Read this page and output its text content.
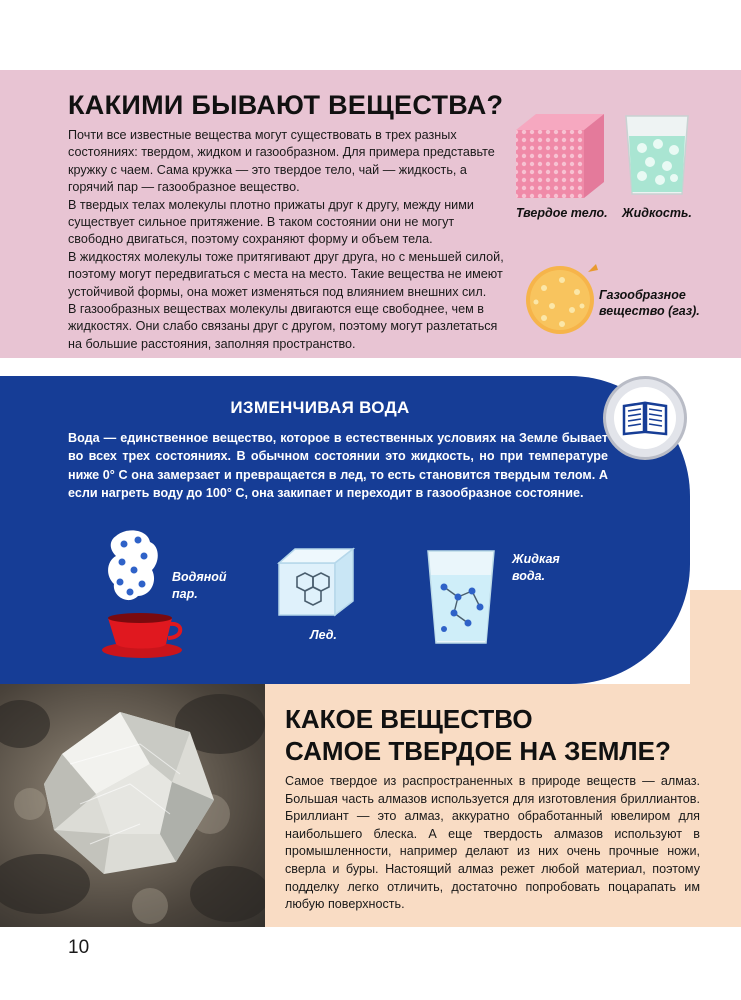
КАКИМИ БЫВАЮТ ВЕЩЕСТВА?

Почти все известные вещества могут существовать в трех разных состояниях: твердом, жидком и газообразном. Для примера представьте кружку с чаем. Сама кружка — это твердое тело, чай — жидкость, а горячий пар — газообразное вещество.

В твердых телах молекулы плотно прижаты друг к другу, между ними существует сильное притяжение. В таком состоянии они не могут свободно двигаться, поэтому сохраняют форму и объем тела.

В жидкостях молекулы тоже притягивают друг друга, но с меньшей силой, поэтому могут передвигаться с места на место. Такие вещества не имеют устойчивой формы, она может изменяться под влиянием внешних сил.

В газообразных веществах молекулы двигаются еще свободнее, чем в жидкостях. Они слабо связаны друг с другом, поэтому могут разлетаться на большие расстояния, заполняя пространство.

Твердое тело. Жидкость.
Газообразное
вещество (газ).
ИЗМЕНЧИВАЯ ВОДА
Вода — единственное вещество, которое в естественных условиях на Земле бывает во всех трех состояниях. В обычном состоянии это жидкость, но при температуре ниже 0° С она замерзает и превращается в лед, то есть становится твердым телом. А если нагреть воду до 100° С, она закипает и переходит в газообразное состояние.
Водяной
пар.
Лед.
Жидкая
вода.
КАКОЕ ВЕЩЕСТВО
САМОЕ ТВЕРДОЕ НА ЗЕМЛЕ?
Самое твердое из распространенных в природе веществ — алмаз. Большая часть алмазов используется для изготовления бриллиантов. Бриллиант — это алмаз, аккуратно обработанный ювелиром для наибольшего блеска. А еще твердость алмазов используют в промышленности, например делают из них очень прочные ножи, сверла и буры. Настоящий алмаз режет любой материал, поэтому подделку легко отличить, достаточно попробовать поцарапать им любую поверхность.
10
